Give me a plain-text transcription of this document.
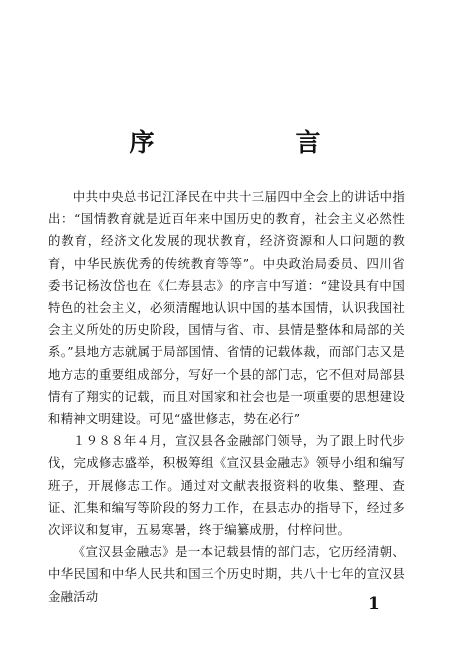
序　言

中共中央总书记江泽民在中共十三届四中全会上的讲话中指出：“国情教育就是近百年来中国历史的教育，社会主义必然性的教育，经济文化发展的现状教育，经济资源和人口问题的教育，中华民族优秀的传统教育等等”。中央政治局委员、四川省委书记杨汝岱也在《仁寿县志》的序言中写道：“建设具有中国特色的社会主义，必须清醒地认识中国的基本国情，认识我国社会主义所处的历史阶段，国情与省、市、县情是整体和局部的关系。”县地方志就属于局部国情、省情的记载体裁，而部门志又是地方志的重要组成部分，写好一个县的部门志，它不但对局部县情有了翔实的记载，而且对国家和社会也是一项重要的思想建设和精神文明建设。可见“盛世修志，势在必行”

１９８８年４月，宣汉县各金融部门领导，为了跟上时代步伐，完成修志盛举，积极筹组《宣汉县金融志》领导小组和编写班子，开展修志工作。通过对文献表报资料的收集、整理、查证、汇集和编写等阶段的努力工作，在县志办的指导下，经过多次评议和复审，五易寒暑，终于编纂成册，付梓问世。

《宣汉县金融志》是一本记载县情的部门志，它历经清朝、中华民国和中华人民共和国三个历史时期，共八十七年的宣汉县金融活动	1
